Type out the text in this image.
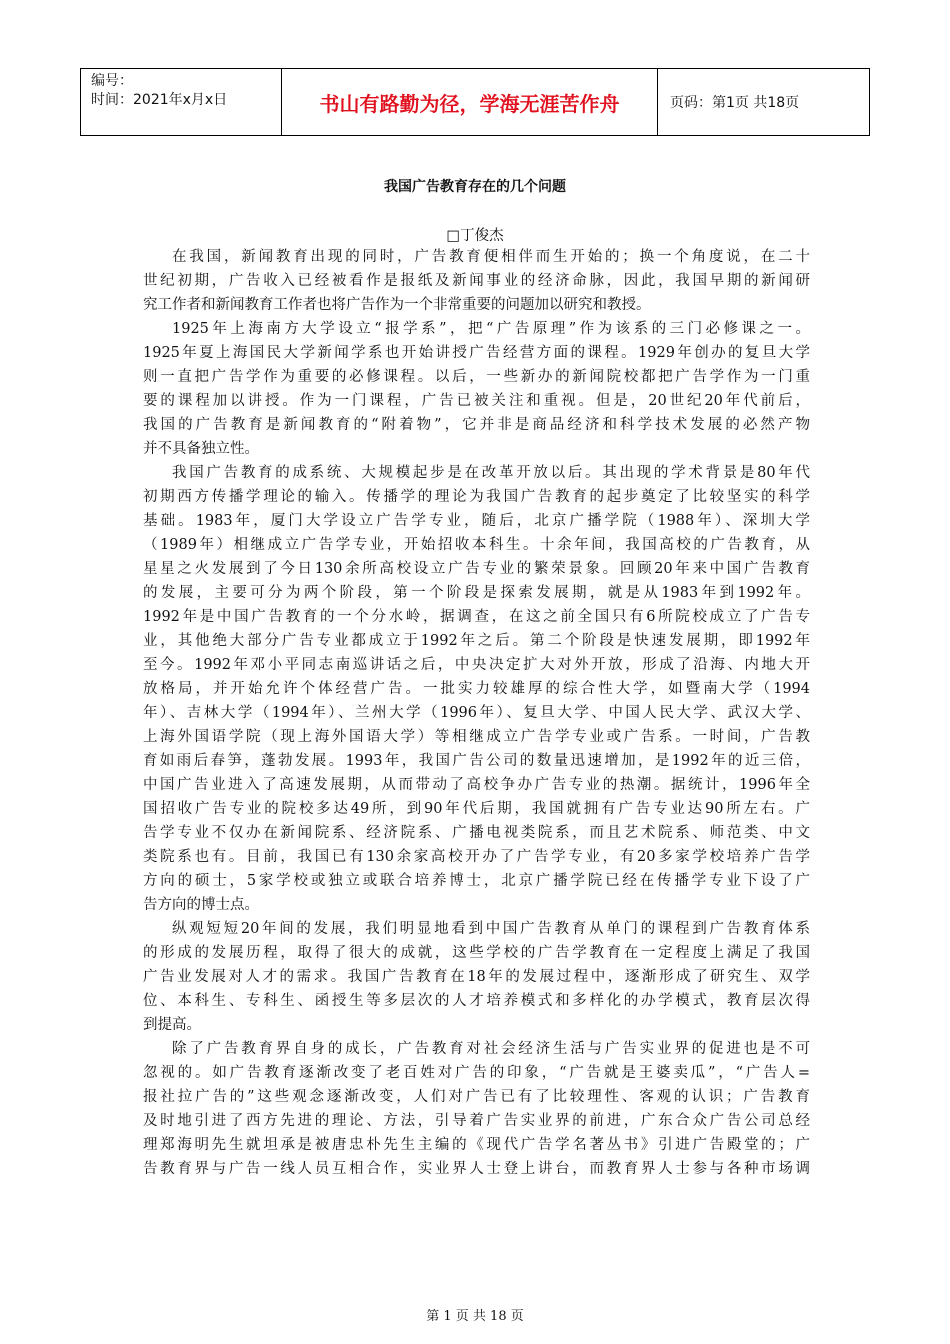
编号：
时间：2021年x月x日	书山有路勤为径，学海无涯苦作舟	页码：第1页 共18页
我国广告教育存在的几个问题
□丁俊杰
在我国，新闻教育出现的同时，广告教育便相伴而生开始的；换一个角度说，在二十
世纪初期，广告收入已经被看作是报纸及新闻事业的经济命脉，因此，我国早期的新闻研
究工作者和新闻教育工作者也将广告作为一个非常重要的问题加以研究和教授。
1925年上海南方大学设立“报学系”，把“广告原理”作为该系的三门必修课之一。
1925年夏上海国民大学新闻学系也开始讲授广告经营方面的课程。1929年创办的复旦大学
则一直把广告学作为重要的必修课程。以后，一些新办的新闻院校都把广告学作为一门重
要的课程加以讲授。作为一门课程，广告已被关注和重视。但是，20世纪20年代前后，
我国的广告教育是新闻教育的“附着物”，它并非是商品经济和科学技术发展的必然产物
并不具备独立性。
我国广告教育的成系统、大规模起步是在改革开放以后。其出现的学术背景是80年代
初期西方传播学理论的输入。传播学的理论为我国广告教育的起步奠定了比较坚实的科学
基础。1983年，厦门大学设立广告学专业，随后，北京广播学院（1988年）、深圳大学
（1989年）相继成立广告学专业，开始招收本科生。十余年间，我国高校的广告教育，从
星星之火发展到了今日130余所高校设立广告专业的繁荣景象。回顾20年来中国广告教育
的发展，主要可分为两个阶段，第一个阶段是探索发展期，就是从1983年到1992年。
1992年是中国广告教育的一个分水岭，据调查，在这之前全国只有6所院校成立了广告专
业，其他绝大部分广告专业都成立于1992年之后。第二个阶段是快速发展期，即1992年
至今。1992年邓小平同志南巡讲话之后，中央决定扩大对外开放，形成了沿海、内地大开
放格局，并开始允许个体经营广告。一批实力较雄厚的综合性大学，如暨南大学（1994
年）、吉林大学（1994年）、兰州大学（1996年）、复旦大学、中国人民大学、武汉大学、
上海外国语学院（现上海外国语大学）等相继成立广告学专业或广告系。一时间，广告教
育如雨后春笋，蓬勃发展。1993年，我国广告公司的数量迅速增加，是1992年的近三倍，
中国广告业进入了高速发展期，从而带动了高校争办广告专业的热潮。据统计，1996年全
国招收广告专业的院校多达49所，到90年代后期，我国就拥有广告专业达90所左右。广
告学专业不仅办在新闻院系、经济院系、广播电视类院系，而且艺术院系、师范类、中文
类院系也有。目前，我国已有130余家高校开办了广告学专业，有20多家学校培养广告学
方向的硕士，5家学校或独立或联合培养博士，北京广播学院已经在传播学专业下设了广
告方向的博士点。
纵观短短20年间的发展，我们明显地看到中国广告教育从单门的课程到广告教育体系
的形成的发展历程，取得了很大的成就，这些学校的广告学教育在一定程度上满足了我国
广告业发展对人才的需求。我国广告教育在18年的发展过程中，逐渐形成了研究生、双学
位、本科生、专科生、函授生等多层次的人才培养模式和多样化的办学模式，教育层次得
到提高。
除了广告教育界自身的成长，广告教育对社会经济生活与广告实业界的促进也是不可
忽视的。如广告教育逐渐改变了老百姓对广告的印象，“广告就是王婆卖瓜”，“广告人=
报社拉广告的”这些观念逐渐改变，人们对广告已有了比较理性、客观的认识；广告教育
及时地引进了西方先进的理论、方法，引导着广告实业界的前进，广东合众广告公司总经
理郑海明先生就坦承是被唐忠朴先生主编的《现代广告学名著丛书》引进广告殿堂的；广
告教育界与广告一线人员互相合作，实业界人士登上讲台，而教育界人士参与各种市场调
第 1 页 共 18 页
